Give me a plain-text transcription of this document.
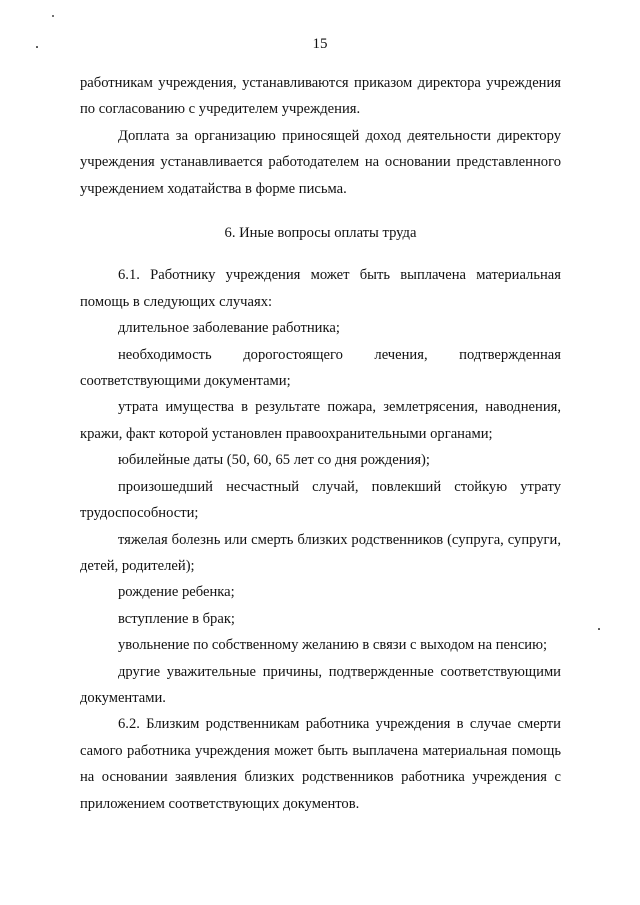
15

работникам учреждения, устанавливаются приказом директора учреждения по согласованию с учредителем учреждения.

Доплата за организацию приносящей доход деятельности директору учреждения устанавливается работодателем на основании представленного учреждением ходатайства в форме письма.

6. Иные вопросы оплаты труда

6.1. Работнику учреждения может быть выплачена материальная помощь в следующих случаях:

длительное заболевание работника;

необходимость дорогостоящего лечения, подтвержденная соответствующими документами;

утрата имущества в результате пожара, землетрясения, наводнения, кражи, факт которой установлен правоохранительными органами;

юбилейные даты (50, 60, 65 лет со дня рождения);

произошедший несчастный случай, повлекший стойкую утрату трудоспособности;

тяжелая болезнь или смерть близких родственников (супруга, супруги, детей, родителей);

рождение ребенка;

вступление в брак;

увольнение по собственному желанию в связи с выходом на пенсию;

другие уважительные причины, подтвержденные соответствующими документами.

6.2. Близким родственникам работника учреждения в случае смерти самого работника учреждения может быть выплачена материальная помощь на основании заявления близких родственников работника учреждения с приложением соответствующих документов.
